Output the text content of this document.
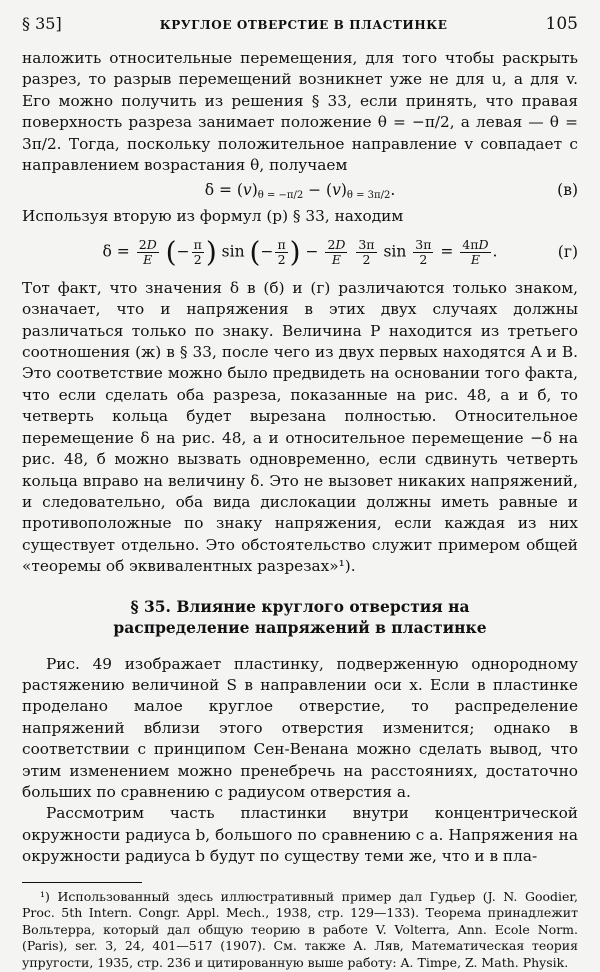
§ 35]	КРУГЛОЕ ОТВЕРСТИЕ В ПЛАСТИНКЕ	105

наложить относительные перемещения, для того чтобы раскрыть разрез, то разрыв перемещений возникнет уже не для u, а для v. Его можно получить из решения § 33, если принять, что правая поверхность разреза занимает положение θ = −π/2, а левая — θ = 3π/2. Тогда, поскольку положительное направление v совпадает с направлением возрастания θ, получаем

$\delta = (v)_{\theta = -\pi/2} - (v)_{\theta = 3\pi/2}$.	(в)

Используя вторую из формул (р) § 33, находим

$\delta = \frac{2D}{E}$ (− $\frac{\pi}{2}$ ) sin (− $\frac{\pi}{2}$ ) − $\frac{2D}{E}$
$\frac{3\pi}{2}$ $\sin \frac{3\pi}{2} = \frac{4\pi D}{E}$ .	(г)

Тот факт, что значения δ в (б) и (г) различаются только знаком, означает, что и напряжения в этих двух случаях должны различаться только по знаку. Величина P находится из третьего соотношения (ж) в § 33, после чего из двух первых находятся A и B. Это соответствие можно было предвидеть на основании того факта, что если сделать оба разреза, показанные на рис. 48, а и б, то четверть кольца будет вырезана полностью. Относительное перемещение δ на рис. 48, а и относительное перемещение −δ на рис. 48, б можно вызвать одновременно, если сдвинуть четверть кольца вправо на величину δ. Это не вызовет никаких напряжений, и следовательно, оба вида дислокации должны иметь равные и противоположные по знаку напряжения, если каждая из них существует отдельно. Это обстоятельство служит примером общей «теоремы об эквивалентных разрезах»¹).

§ 35. Влияние круглого отверстия на распределение напряжений в пластинке

Рис. 49 изображает пластинку, подверженную однородному растяжению величиной S в направлении оси x. Если в пластинке проделано малое круглое отверстие, то распределение напряжений вблизи этого отверстия изменится; однако в соответствии с принципом Сен-Венана можно сделать вывод, что этим изменением можно пренебречь на расстояниях, достаточно больших по сравнению с радиусом отверстия a.

Рассмотрим часть пластинки внутри концентрической окружности радиуса b, большого по сравнению с a. Напряжения на окружности радиуса b будут по существу теми же, что и в пла-

¹) Использованный здесь иллюстративный пример дал Гудьер (J. N. Goodier, Proc. 5th Intern. Congr. Appl. Mech., 1938, стр. 129—133). Теорема принадлежит Вольтерра, который дал общую теорию в работе V. Volterra, Ann. Ecole Norm. (Paris), ser. 3, 24, 401—517 (1907). См. также А. Ляв, Математическая теория упругости, 1935, стр. 236 и цитированную выше работу: A. Timpe, Z. Math. Physik.
